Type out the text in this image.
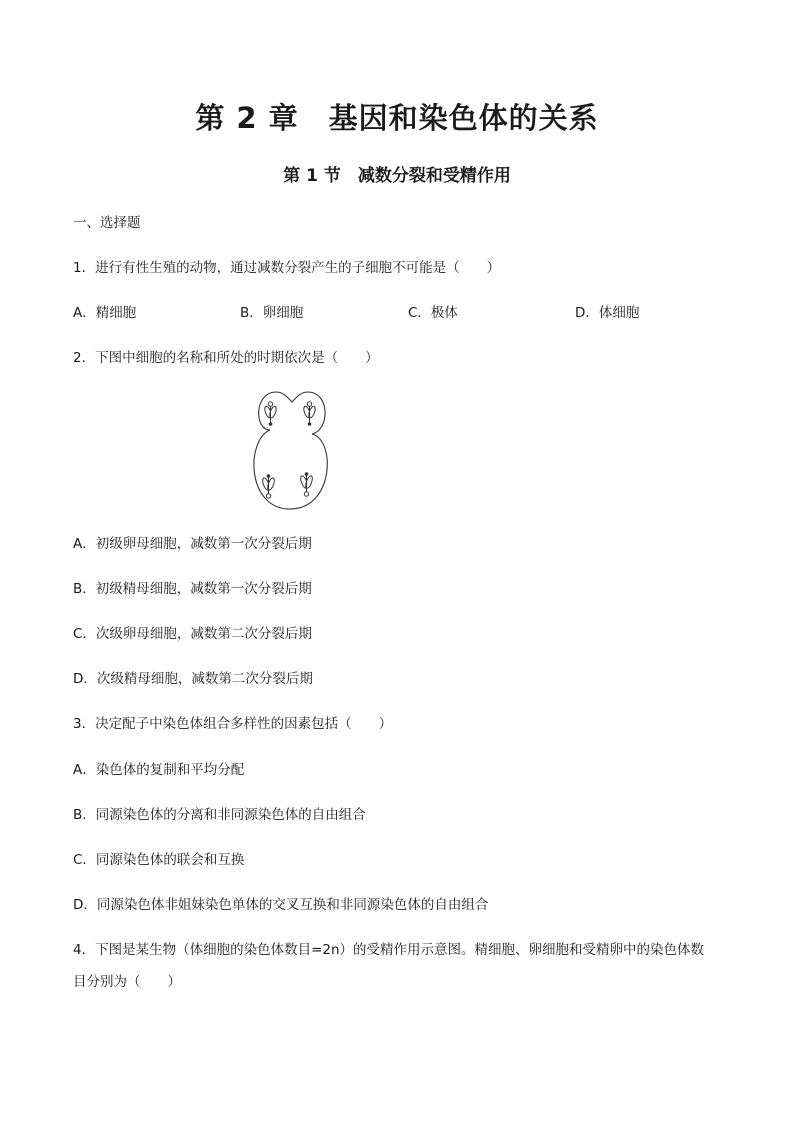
第 2 章　基因和染色体的关系
第 1 节　减数分裂和受精作用

一、选择题

1．进行有性生殖的动物，通过减数分裂产生的子细胞不可能是（　　）

A．精细胞	B．卵细胞	C．极体	D．体细胞

2．下图中细胞的名称和所处的时期依次是（　　）

A．初级卵母细胞，减数第一次分裂后期

B．初级精母细胞，减数第一次分裂后期

C．次级卵母细胞，减数第二次分裂后期

D．次级精母细胞，减数第二次分裂后期

3．决定配子中染色体组合多样性的因素包括（　　）

A．染色体的复制和平均分配

B．同源染色体的分离和非同源染色体的自由组合

C．同源染色体的联会和互换

D．同源染色体非姐妹染色单体的交叉互换和非同源染色体的自由组合

4．下图是某生物（体细胞的染色体数目=2n）的受精作用示意图。精细胞、卵细胞和受精卵中的染色体数

目分别为（　　）
